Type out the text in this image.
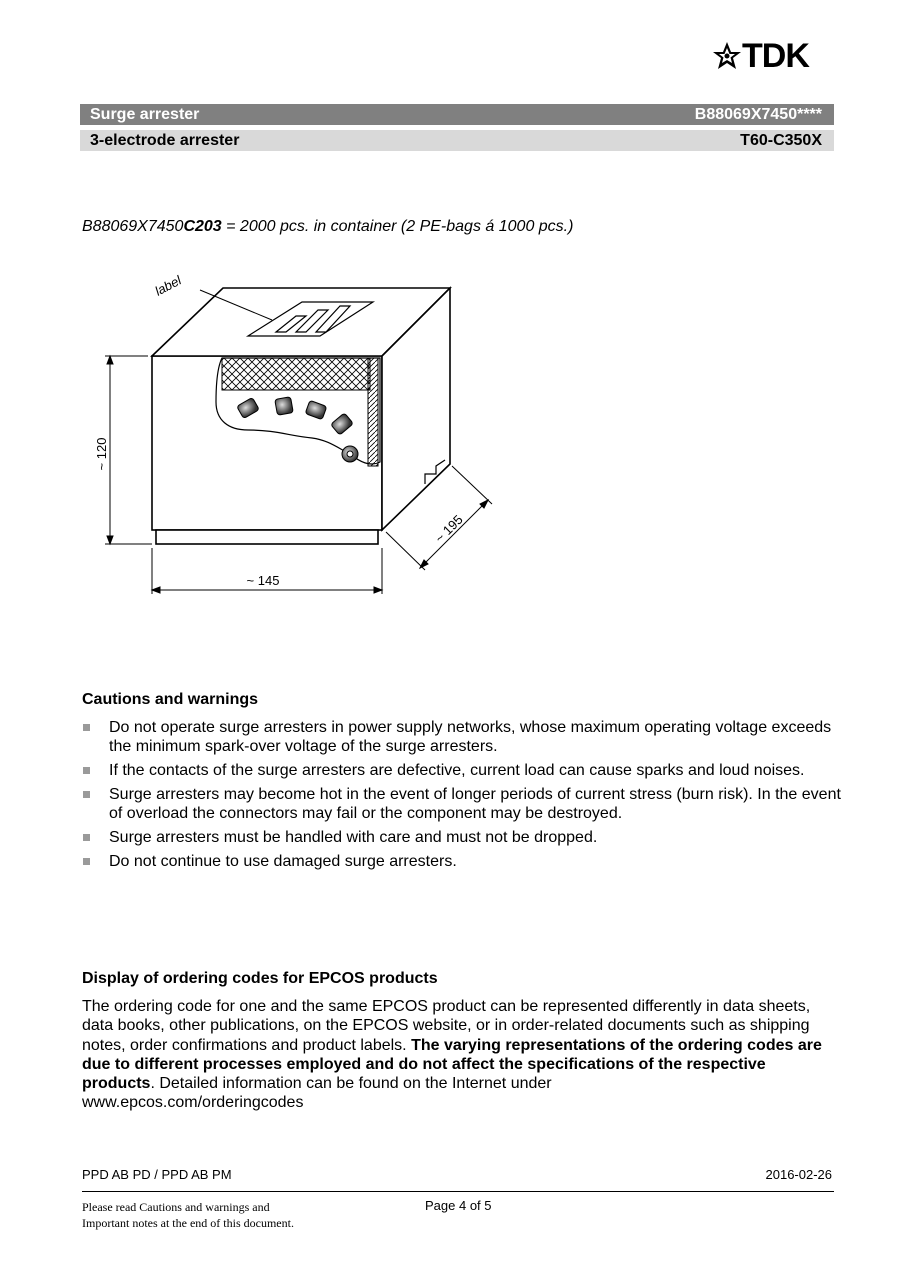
TDK
Surge arrester	B88069X7450****
3-electrode arrester	T60-C350X
B88069X7450C203 = 2000 pcs. in container (2 PE-bags á 1000 pcs.)
label
~ 120
~ 145
~ 195
Cautions and warnings
Do not operate surge arresters in power supply networks, whose maximum operating voltage exceeds the minimum spark-over voltage of the surge arresters.
If the contacts of the surge arresters are defective, current load can cause sparks and loud noises.
Surge arresters may become hot in the event of longer periods of current stress (burn risk). In the event of overload the connectors may fail or the component may be destroyed.
Surge arresters must be handled with care and must not be dropped.
Do not continue to use damaged surge arresters.
Display of ordering codes for EPCOS products
The ordering code for one and the same EPCOS product can be represented differently in data sheets, data books, other publications, on the EPCOS website, or in order-related documents such as shipping notes, order confirmations and product labels. The varying representations of the ordering codes are due to different processes employed and do not affect the specifications of the respective products. Detailed information can be found on the Internet under
www.epcos.com/orderingcodes
PPD AB PD / PPD AB PM	2016-02-26
Please read Cautions and warnings and
Important notes at the end of this document.
Page 4 of 5
